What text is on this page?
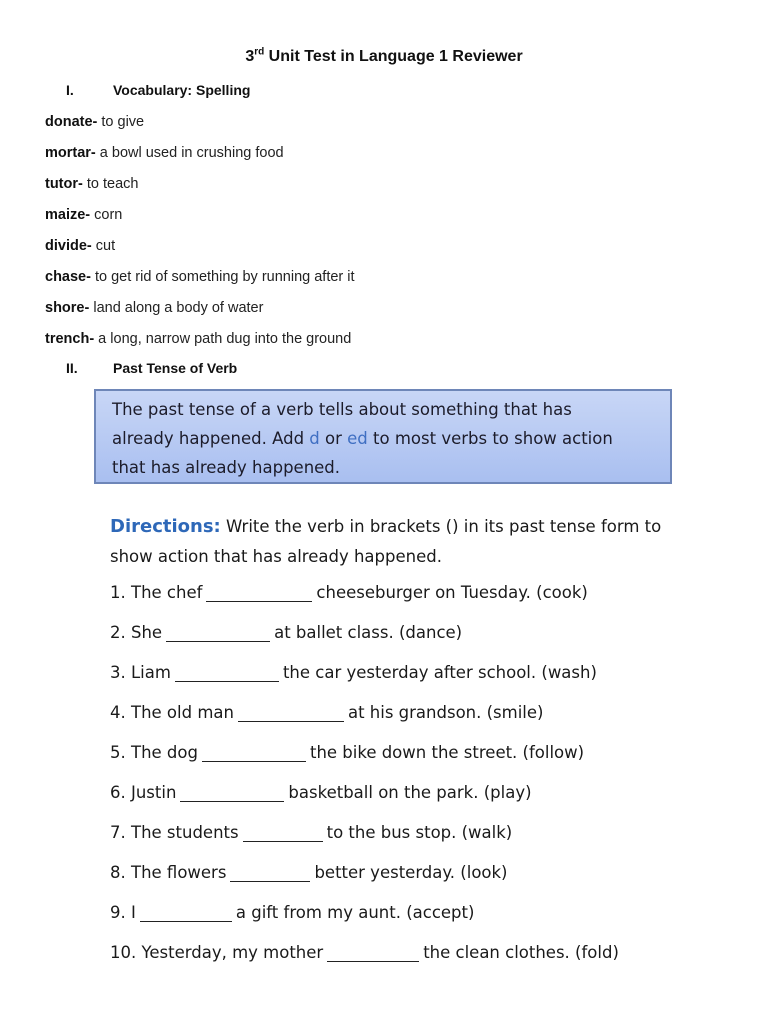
3rd Unit Test in Language 1 Reviewer
I.	Vocabulary: Spelling
donate- to give
mortar- a bowl used in crushing food
tutor- to teach
maize- corn
divide- cut
chase- to get rid of something by running after it
shore- land along a body of water
trench- a long, narrow path dug into the ground
II.	Past Tense of Verb
The past tense of a verb tells about something that has
already happened. Add d or ed to most verbs to show action
that has already happened.
Directions: Write the verb in brackets () in its past tense form to show action that has already happened.
1. The chef	cheeseburger on Tuesday. (cook)
2. She	at ballet class. (dance)
3. Liam	the car yesterday after school. (wash)
4. The old man	at his grandson. (smile)
5. The dog	the bike down the street. (follow)
6. Justin	basketball on the park. (play)
7. The students	to the bus stop. (walk)
8. The flowers	better yesterday. (look)
9. I	a gift from my aunt. (accept)
10. Yesterday, my mother	the clean clothes. (fold)
